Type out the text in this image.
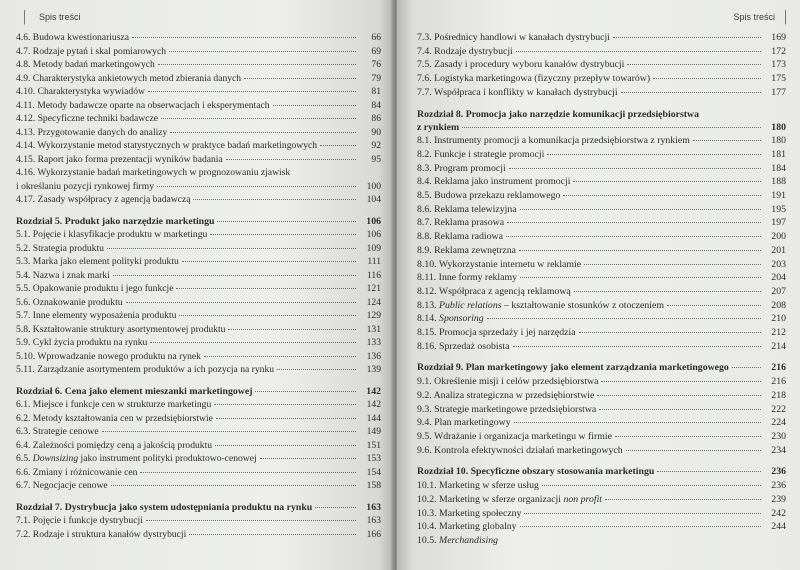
Spis treści
4.6. Budowa kwestionariusza	66
4.7. Rodzaje pytań i skal pomiarowych	69
4.8. Metody badań marketingowych	76
4.9. Charakterystyka ankietowych metod zbierania danych	79
4.10. Charakterystyka wywiadów	81
4.11. Metody badawcze oparte na obserwacjach i eksperymentach	84
4.12. Specyficzne techniki badawcze	86
4.13. Przygotowanie danych do analizy	90
4.14. Wykorzystanie metod statystycznych w praktyce badań marketingowych	92
4.15. Raport jako forma prezentacji wyników badania	95
4.16. Wykorzystanie badań marketingowych w prognozowaniu zjawisk
i określaniu pozycji rynkowej firmy	100
4.17. Zasady współpracy z agencją badawczą	104
Rozdział 5. Produkt jako narzędzie marketingu	106
5.1. Pojęcie i klasyfikacje produktu w marketingu	106
5.2. Strategia produktu	109
5.3. Marka jako element polityki produktu	111
5.4. Nazwa i znak marki	116
5.5. Opakowanie produktu i jego funkcje	121
5.6. Oznakowanie produktu	124
5.7. Inne elementy wyposażenia produktu	129
5.8. Kształtowanie struktury asortymentowej produktu	131
5.9. Cykl życia produktu na rynku	133
5.10. Wprowadzanie nowego produktu na rynek	136
5.11. Zarządzanie asortymentem produktów a ich pozycja na rynku	139
Rozdział 6. Cena jako element mieszanki marketingowej	142
6.1. Miejsce i funkcje cen w strukturze marketingu	142
6.2. Metody kształtowania cen w przedsiębiorstwie	144
6.3. Strategie cenowe	149
6.4. Zależności pomiędzy ceną a jakością produktu	151
6.5. Downsizing jako instrument polityki produktowo-cenowej	153
6.6. Zmiany i różnicowanie cen	154
6.7. Negocjacje cenowe	158
Rozdział 7. Dystrybucja jako system udostępniania produktu na rynku	163
7.1. Pojęcie i funkcje dystrybucji	163
7.2. Rodzaje i struktura kanałów dystrybucji	166
Spis treści
7.3. Pośrednicy handlowi w kanałach dystrybucji	169
7.4. Rodzaje dystrybucji	172
7.5. Zasady i procedury wyboru kanałów dystrybucji	173
7.6. Logistyka marketingowa (fizyczny przepływ towarów)	175
7.7. Współpraca i konflikty w kanałach dystrybucji	177
Rozdział 8. Promocja jako narzędzie komunikacji przedsiębiorstwa
z rynkiem	180
8.1. Instrumenty promocji a komunikacja przedsiębiorstwa z rynkiem	180
8.2. Funkcje i strategie promocji	181
8.3. Program promocji	184
8.4. Reklama jako instrument promocji	188
8.5. Budowa przekazu reklamowego	191
8.6. Reklama telewizyjna	195
8.7. Reklama prasowa	197
8.8. Reklama radiowa	200
8.9. Reklama zewnętrzna	201
8.10. Wykorzystanie internetu w reklamie	203
8.11. Inne formy reklamy	204
8.12. Współpraca z agencją reklamową	207
8.13. Public relations – kształtowanie stosunków z otoczeniem	208
8.14. Sponsoring	210
8.15. Promocja sprzedaży i jej narzędzia	212
8.16. Sprzedaż osobista	214
Rozdział 9. Plan marketingowy jako element zarządzania marketingowego	216
9.1. Określenie misji i celów przedsiębiorstwa	216
9.2. Analiza strategiczna w przedsiębiorstwie	218
9.3. Strategie marketingowe przedsiębiorstwa	222
9.4. Plan marketingowy	224
9.5. Wdrażanie i organizacja marketingu w firmie	230
9.6. Kontrola efektywności działań marketingowych	234
Rozdział 10. Specyficzne obszary stosowania marketingu	236
10.1. Marketing w sferze usług	236
10.2. Marketing w sferze organizacji non profit	239
10.3. Marketing społeczny	242
10.4. Marketing globalny	244
10.5. Merchandising
